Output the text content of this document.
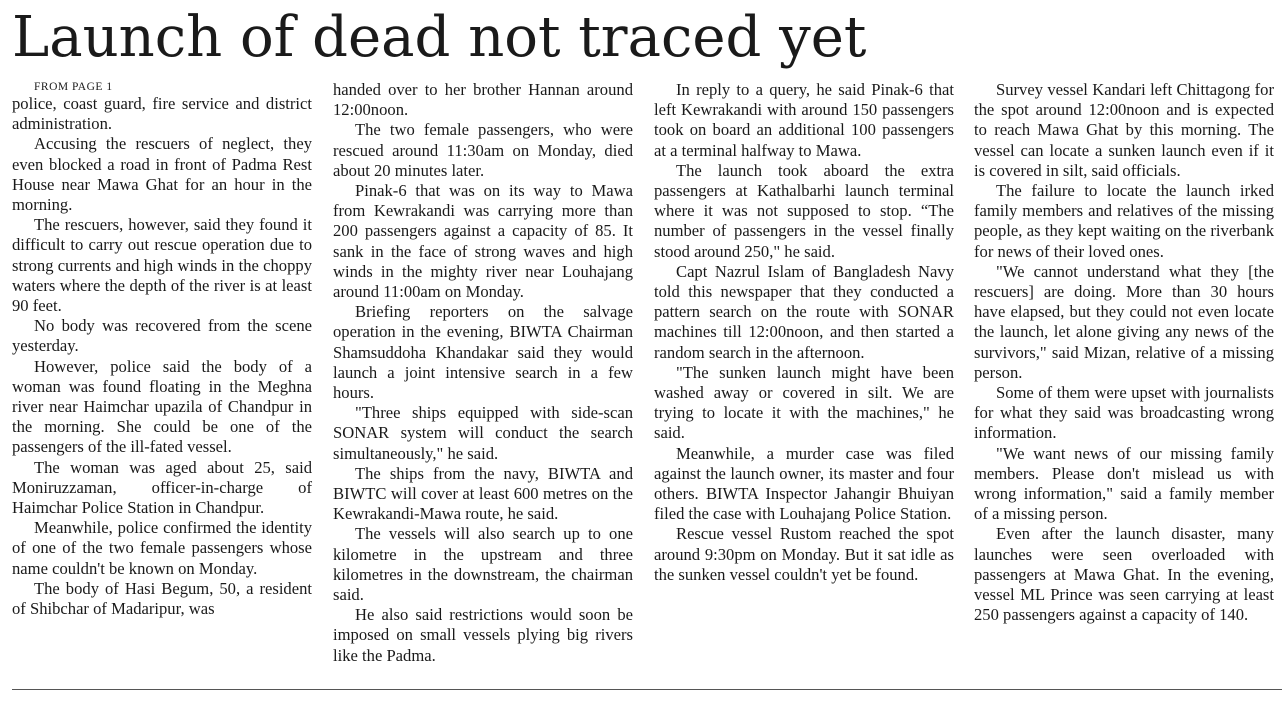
Launch of dead not traced yet

FROM PAGE 1

police, coast guard, fire service and district administration.

Accusing the rescuers of neglect, they even blocked a road in front of Padma Rest House near Mawa Ghat for an hour in the morning.

The rescuers, however, said they found it difficult to carry out rescue operation due to strong currents and high winds in the choppy waters where the depth of the river is at least 90 feet.

No body was recovered from the scene yesterday.

However, police said the body of a woman was found floating in the Meghna river near Haimchar upazila of Chandpur in the morning. She could be one of the passengers of the ill-fated vessel.

The woman was aged about 25, said Moniruzzaman, officer-in-charge of Haimchar Police Station in Chandpur.

Meanwhile, police confirmed the identity of one of the two female passengers whose name couldn't be known on Monday.

The body of Hasi Begum, 50, a resident of Shibchar of Madaripur, was

handed over to her brother Hannan around 12:00noon.

The two female passengers, who were rescued around 11:30am on Monday, died about 20 minutes later.

Pinak-6 that was on its way to Mawa from Kewrakandi was carrying more than 200 passengers against a capacity of 85. It sank in the face of strong waves and high winds in the mighty river near Louhajang around 11:00am on Monday.

Briefing reporters on the salvage operation in the evening, BIWTA Chairman Shamsuddoha Khandakar said they would launch a joint intensive search in a few hours.

"Three ships equipped with side-scan SONAR system will conduct the search simultaneously," he said.

The ships from the navy, BIWTA and BIWTC will cover at least 600 metres on the Kewrakandi-Mawa route, he said.

The vessels will also search up to one kilometre in the upstream and three kilometres in the downstream, the chairman said.

He also said restrictions would soon be imposed on small vessels plying big rivers like the Padma.

In reply to a query, he said Pinak-6 that left Kewrakandi with around 150 passengers took on board an additional 100 passengers at a terminal halfway to Mawa.

The launch took aboard the extra passengers at Kathalbarhi launch terminal where it was not supposed to stop. “The number of passengers in the vessel finally stood around 250," he said.

Capt Nazrul Islam of Bangladesh Navy told this newspaper that they conducted a pattern search on the route with SONAR machines till 12:00noon, and then started a random search in the afternoon.

"The sunken launch might have been washed away or covered in silt. We are trying to locate it with the machines," he said.

Meanwhile, a murder case was filed against the launch owner, its master and four others. BIWTA Inspector Jahangir Bhuiyan filed the case with Louhajang Police Station.

Rescue vessel Rustom reached the spot around 9:30pm on Monday. But it sat idle as the sunken vessel couldn't yet be found.

Survey vessel Kandari left Chittagong for the spot around 12:00noon and is expected to reach Mawa Ghat by this morning. The vessel can locate a sunken launch even if it is covered in silt, said officials.

The failure to locate the launch irked family members and relatives of the missing people, as they kept waiting on the riverbank for news of their loved ones.

"We cannot understand what they [the rescuers] are doing. More than 30 hours have elapsed, but they could not even locate the launch, let alone giving any news of the survivors," said Mizan, relative of a missing person.

Some of them were upset with journalists for what they said was broadcasting wrong information.

"We want news of our missing family members. Please don't mislead us with wrong information," said a family member of a missing person.

Even after the launch disaster, many launches were seen overloaded with passengers at Mawa Ghat. In the evening, vessel ML Prince was seen carrying at least 250 passengers against a capacity of 140.
